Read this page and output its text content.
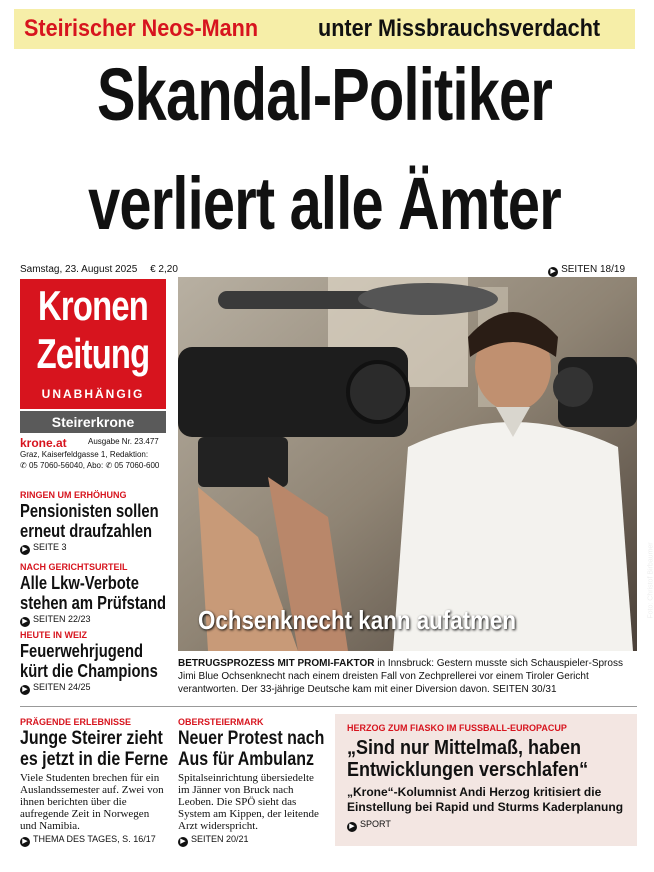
Steirischer Neos-Mann unter Missbrauchsverdacht
Skandal-Politiker
verliert alle Ämter
Samstag, 23. August 2025 € 2,20	▶ SEITEN 18/19
Kronen
Zeitung
UNABHÄNGIG
Steirerkrone
krone.at	Ausgabe Nr. 23.477
Graz, Kaiserfeldgasse 1, Redaktion:
✆ 05 7060-56040, Abo: ✆ 05 7060-600
RINGEN UM ERHÖHUNG
Pensionisten sollen
erneut draufzahlen
▶ SEITE 3
NACH GERICHTSURTEIL
Alle Lkw-Verbote
stehen am Prüfstand
▶ SEITEN 22/23
HEUTE IN WEIZ
Feuerwehrjugend
kürt die Champions
▶ SEITEN 24/25
Ochsenknecht kann aufatmen
Foto: Christof Birbaumer
BETRUGSPROZESS MIT PROMI-FAKTOR in Innsbruck: Gestern musste sich Schauspieler-Spross Jimi Blue Ochsenknecht nach einem dreisten Fall von Zechprellerei vor einem Tiroler Gericht verantworten. Der 33-jährige Deutsche kam mit einer Diversion davon. SEITEN 30/31
PRÄGENDE ERLEBNISSE
Junge Steirer zieht
es jetzt in die Ferne
Viele Studenten brechen für ein Auslandssemester auf. Zwei von ihnen berichten über die aufregende Zeit in Norwegen und Namibia.
▶ THEMA DES TAGES, S. 16/17
OBERSTEIERMARK
Neuer Protest nach
Aus für Ambulanz
Spitalseinrichtung übersiedelte im Jänner von Bruck nach Leoben. Die SPÖ sieht das System am Kippen, der leitende Arzt widerspricht.
▶ SEITEN 20/21
HERZOG ZUM FIASKO IM FUSSBALL-EUROPACUP
„Sind nur Mittelmaß, haben
Entwicklungen verschlafen“
„Krone“-Kolumnist Andi Herzog kritisiert die Einstellung bei Rapid und Sturms Kaderplanung
▶ SPORT
